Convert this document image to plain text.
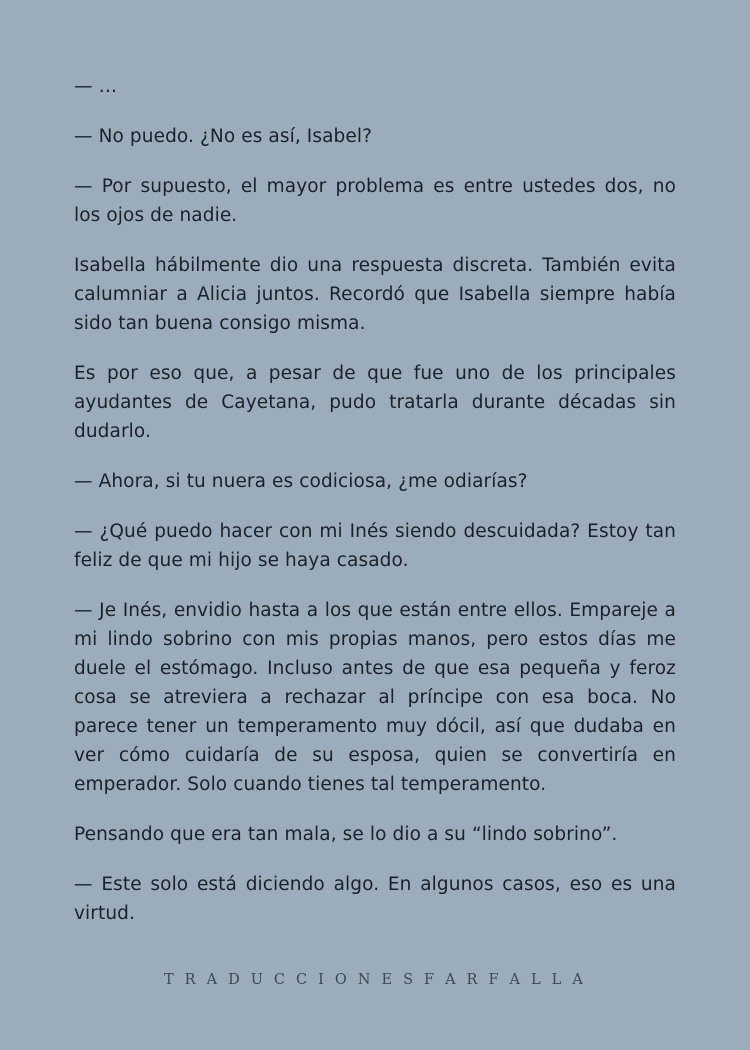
— …

— No puedo. ¿No es así, Isabel?

— Por supuesto, el mayor problema es entre ustedes dos, no los ojos de nadie.

Isabella hábilmente dio una respuesta discreta. También evita calumniar a Alicia juntos. Recordó que Isabella siempre había sido tan buena consigo misma.

Es por eso que, a pesar de que fue uno de los principales ayudantes de Cayetana, pudo tratarla durante décadas sin dudarlo.

— Ahora, si tu nuera es codiciosa, ¿me odiarías?

— ¿Qué puedo hacer con mi Inés siendo descuidada? Estoy tan feliz de que mi hijo se haya casado.

— Je Inés, envidio hasta a los que están entre ellos. Empareje a mi lindo sobrino con mis propias manos, pero estos días me duele el estómago. Incluso antes de que esa pequeña y feroz cosa se atreviera a rechazar al príncipe con esa boca. No parece tener un temperamento muy dócil, así que dudaba en ver cómo cuidaría de su esposa, quien se convertiría en emperador. Solo cuando tienes tal temperamento.

Pensando que era tan mala, se lo dio a su “lindo sobrino”.

— Este solo está diciendo algo. En algunos casos, eso es una virtud.

T R A D U C C I O N E S F A R F A L L A
